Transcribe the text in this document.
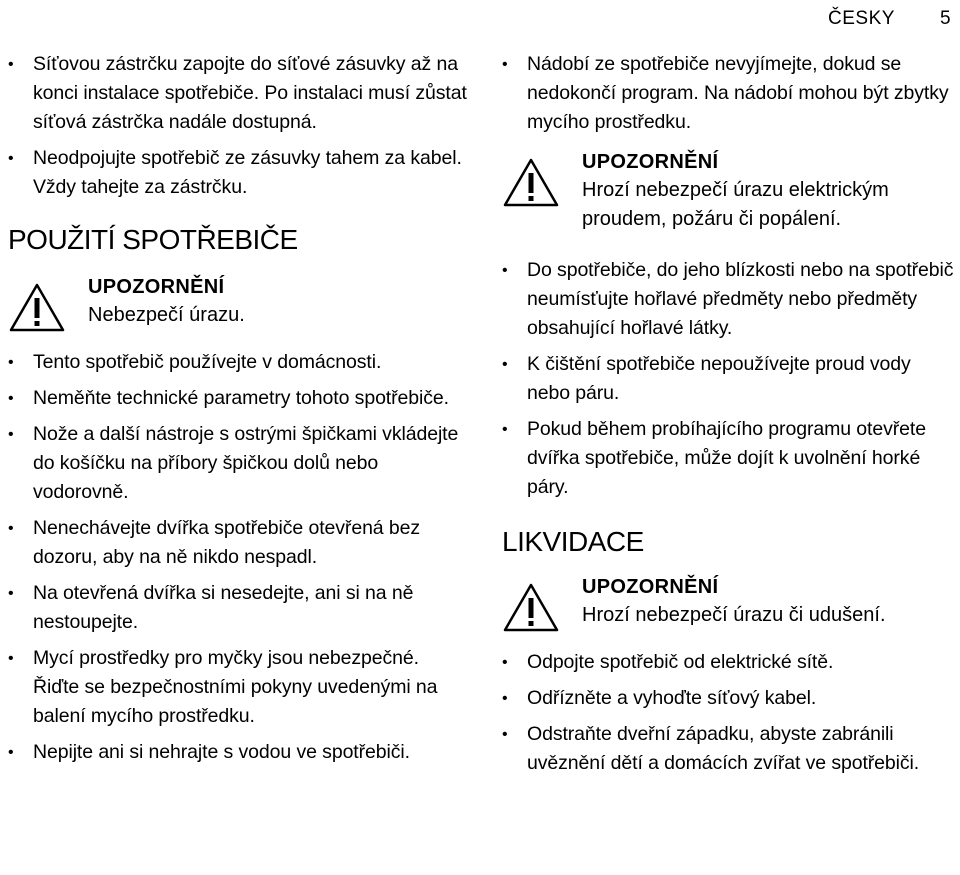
ČESKY 5
• Síťovou zástrčku zapojte do síťové zásuvky až na konci instalace spotřebiče. Po instalaci musí zůstat síťová zástrčka nadále dostupná.
• Neodpojujte spotřebič ze zásuvky tahem za kabel. Vždy tahejte za zástrčku.
POUŽITÍ SPOTŘEBIČE
UPOZORNĚNÍ
Nebezpečí úrazu.
• Tento spotřebič používejte v domácnosti.
• Neměňte technické parametry tohoto spotřebiče.
• Nože a další nástroje s ostrými špičkami vkládejte do košíčku na příbory špičkou dolů nebo vodorovně.
• Nenechávejte dvířka spotřebiče otevřená bez dozoru, aby na ně nikdo nespadl.
• Na otevřená dvířka si nesedejte, ani si na ně nestoupejte.
• Mycí prostředky pro myčky jsou nebezpečné. Řiďte se bezpečnostními pokyny uvedenými na balení mycího prostředku.
• Nepijte ani si nehrajte s vodou ve spotřebiči.
• Nádobí ze spotřebiče nevyjímejte, dokud se nedokončí program. Na nádobí mohou být zbytky mycího prostředku.
UPOZORNĚNÍ
Hrozí nebezpečí úrazu elektrickým proudem, požáru či popálení.
• Do spotřebiče, do jeho blízkosti nebo na spotřebič neumísťujte hořlavé předměty nebo předměty obsahující hořlavé látky.
• K čištění spotřebiče nepoužívejte proud vody nebo páru.
• Pokud během probíhajícího programu otevřete dvířka spotřebiče, může dojít k uvolnění horké páry.
LIKVIDACE
UPOZORNĚNÍ
Hrozí nebezpečí úrazu či udušení.
• Odpojte spotřebič od elektrické sítě.
• Odřízněte a vyhoďte síťový kabel.
• Odstraňte dveřní západku, abyste zabránili uvěznění dětí a domácích zvířat ve spotřebiči.
